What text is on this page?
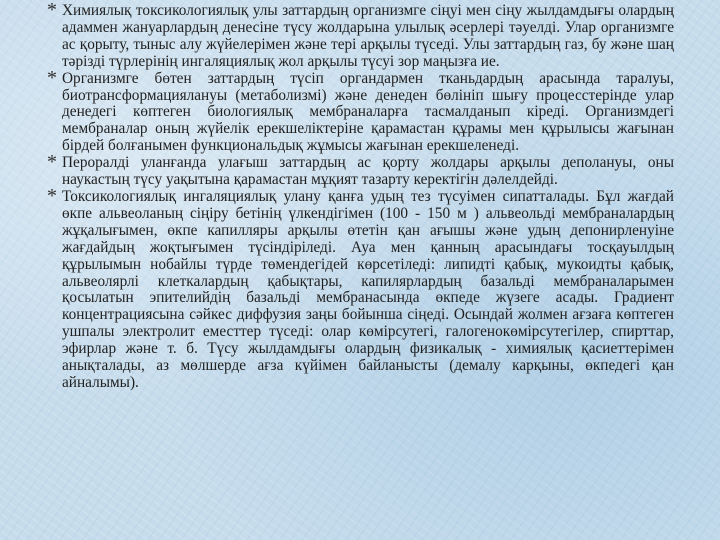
* Химиялық токсикологиялық улы заттардың организмге сіңуі мен сіңу жылдамдығы олардың адаммен жануарлардың денесіне түсу жолдарына улылық әсерлері тәуелді. Улар организмге ас қорыту, тыныс алу жүйелерімен және тері арқылы түседі. Улы заттардың газ, бу және шаң тәрізді түрлерінің ингаляциялық жол арқылы түсуі зор маңызға ие.

* Организмге бөтен заттардың түсіп органдармен тканьдардың арасында таралуы, биотрансформациялануы (метаболизмі) және денеден бөлініп шығу процесстерінде улар денедегі көптеген биологиялық мембраналарға тасмалданып кіреді. Организмдегі мембраналар оның жүйелік ерекшеліктеріне қарамастан құрамы мен құрылысы жағынан бірдей болғанымен функциональдық жұмысы жағынан ерекшеленеді.

* Пероралді уланғанда улағыш заттардың ас қорту жолдары арқылы деполануы, оны наукастың түсу уақытына қарамастан мұқият тазарту керектігін дәлелдейді.

* Токсикологиялық ингаляциялық улану қанға удың тез түсуімен сипатталады. Бұл жағдай өкпе альвеоланың сіңіру бетінің үлкендігімен (100 - 150 м ) альвеольді мембраналардың жұқалығымен, өкпе капилляры арқылы өтетін қан ағышы және удың депонирленуіне жағдайдың жоқтығымен түсіндіріледі. Ауа мен қанның арасындағы тосқауылдың құрылымын нобайлы түрде төмендегідей көрсетіледі: липидті қабық, мукоидты қабық, альвеолярлі клеткалардың қабықтары, капилярлардың базальді мембраналарымен қосылатын эпителийдің базальді мембранасында өкпеде жүзеге асады. Градиент концентрациясына сәйкес диффузия заңы бойынша сіңеді. Осындай жолмен ағзаға көптеген ушпалы электролит еместтер түседі: олар көмірсутегі, галогенокөмірсутегілер, спирттар, эфирлар және т. б. Түсу жылдамдығы олардың физикалық - химиялық қасиеттерімен анықталады, аз мөлшерде ағза күйімен байланысты (демалу карқыны, өкпедегі қан айналымы).
